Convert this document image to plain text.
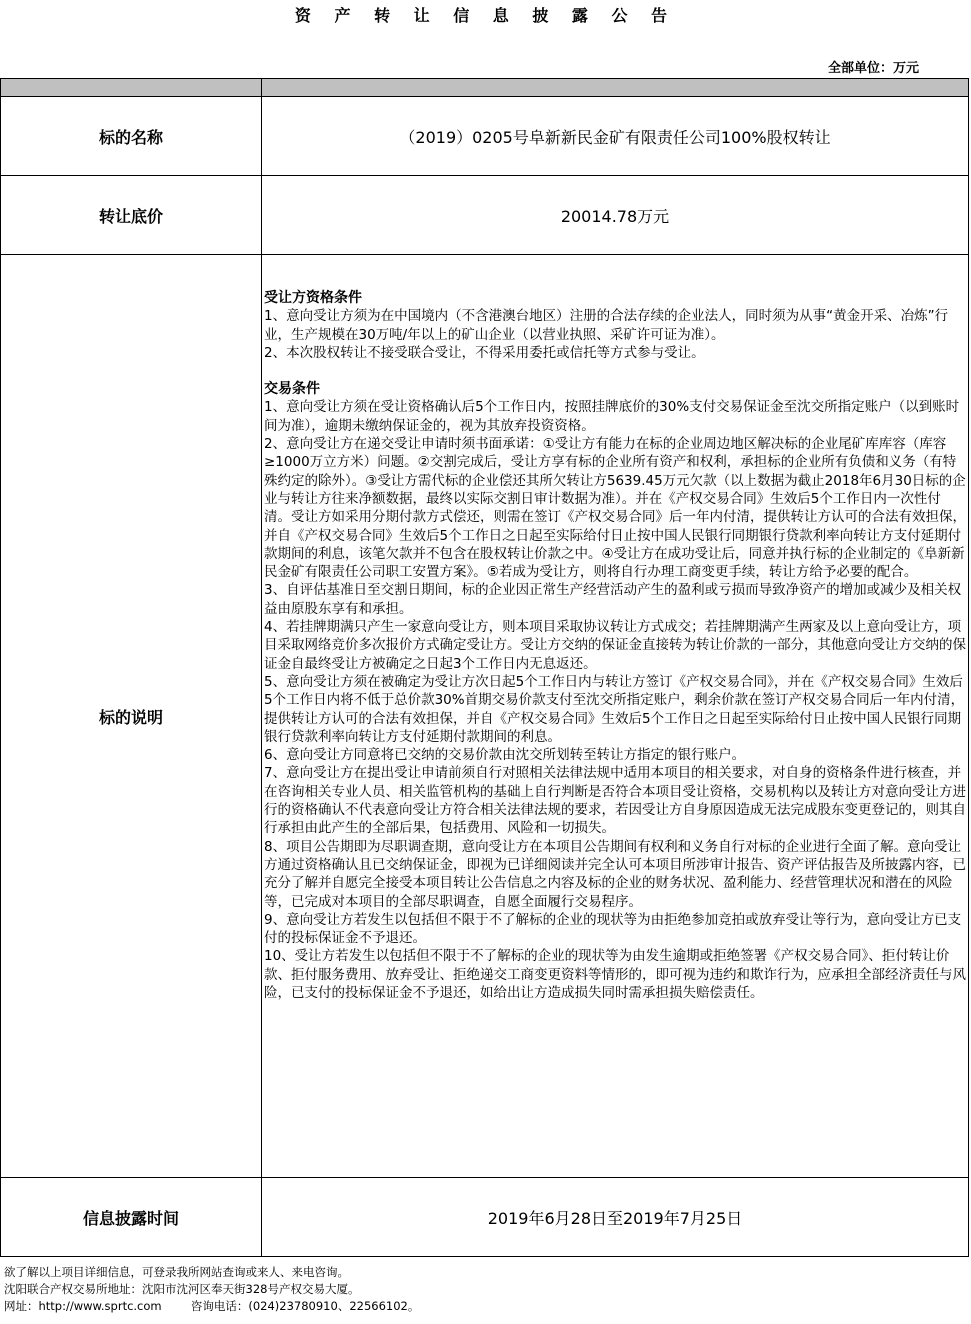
资 产 转 让 信 息 披 露 公 告
全部单位：万元
标的名称	（2019）0205号阜新新民金矿有限责任公司100%股权转让
转让底价	20014.78万元
标的说明

受让方资格条件

1、意向受让方须为在中国境内（不含港澳台地区）注册的合法存续的企业法人，同时须为从事“黄金开采、冶炼”行业，生产规模在30万吨/年以上的矿山企业（以营业执照、采矿许可证为准）。

2、本次股权转让不接受联合受让，不得采用委托或信托等方式参与受让。

交易条件

1、意向受让方须在受让资格确认后5个工作日内，按照挂牌底价的30%支付交易保证金至沈交所指定账户（以到账时间为准），逾期未缴纳保证金的，视为其放弃投资资格。

2、意向受让方在递交受让申请时须书面承诺：①受让方有能力在标的企业周边地区解决标的企业尾矿库库容（库容≥1000万立方米）问题。②交割完成后，受让方享有标的企业所有资产和权利，承担标的企业所有负债和义务（有特殊约定的除外）。③受让方需代标的企业偿还其所欠转让方5639.45万元欠款（以上数据为截止2018年6月30日标的企业与转让方往来净额数据，最终以实际交割日审计数据为准）。并在《产权交易合同》生效后5个工作日内一次性付清。受让方如采用分期付款方式偿还，则需在签订《产权交易合同》后一年内付清，提供转让方认可的合法有效担保，并自《产权交易合同》生效后5个工作日之日起至实际给付日止按中国人民银行同期银行贷款利率向转让方支付延期付款期间的利息，该笔欠款并不包含在股权转让价款之中。④受让方在成功受让后，同意并执行标的企业制定的《阜新新民金矿有限责任公司职工安置方案》。⑤若成为受让方，则将自行办理工商变更手续，转让方给予必要的配合。

3、自评估基准日至交割日期间，标的企业因正常生产经营活动产生的盈利或亏损而导致净资产的增加或减少及相关权益由原股东享有和承担。

4、若挂牌期满只产生一家意向受让方，则本项目采取协议转让方式成交；若挂牌期满产生两家及以上意向受让方，项目采取网络竞价多次报价方式确定受让方。受让方交纳的保证金直接转为转让价款的一部分，其他意向受让方交纳的保证金自最终受让方被确定之日起3个工作日内无息返还。

5、意向受让方须在被确定为受让方次日起5个工作日内与转让方签订《产权交易合同》，并在《产权交易合同》生效后5个工作日内将不低于总价款30%首期交易价款支付至沈交所指定账户，剩余价款在签订产权交易合同后一年内付清，提供转让方认可的合法有效担保，并自《产权交易合同》生效后5个工作日之日起至实际给付日止按中国人民银行同期银行贷款利率向转让方支付延期付款期间的利息。

6、意向受让方同意将已交纳的交易价款由沈交所划转至转让方指定的银行账户。

7、意向受让方在提出受让申请前须自行对照相关法律法规中适用本项目的相关要求，对自身的资格条件进行核查，并在咨询相关专业人员、相关监管机构的基础上自行判断是否符合本项目受让资格，交易机构以及转让方对意向受让方进行的资格确认不代表意向受让方符合相关法律法规的要求，若因受让方自身原因造成无法完成股东变更登记的，则其自行承担由此产生的全部后果，包括费用、风险和一切损失。

8、项目公告期即为尽职调查期，意向受让方在本项目公告期间有权利和义务自行对标的企业进行全面了解。意向受让方通过资格确认且已交纳保证金，即视为已详细阅读并完全认可本项目所涉审计报告、资产评估报告及所披露内容，已充分了解并自愿完全接受本项目转让公告信息之内容及标的企业的财务状况、盈利能力、经营管理状况和潜在的风险等，已完成对本项目的全部尽职调查，自愿全面履行交易程序。

9、意向受让方若发生以包括但不限于不了解标的企业的现状等为由拒绝参加竞拍或放弃受让等行为，意向受让方已支付的投标保证金不予退还。

10、受让方若发生以包括但不限于不了解标的企业的现状等为由发生逾期或拒绝签署《产权交易合同》、拒付转让价款、拒付服务费用、放弃受让、拒绝递交工商变更资料等情形的，即可视为违约和欺诈行为，应承担全部经济责任与风险，已支付的投标保证金不予退还，如给出让方造成损失同时需承担损失赔偿责任。

信息披露时间	2019年6月28日至2019年7月25日
欲了解以上项目详细信息，可登录我所网站查询或来人、来电咨询。
沈阳联合产权交易所地址：沈阳市沈河区奉天街328号产权交易大厦。
网址：http://www.sprtc.com        咨询电话：(024)23780910、22566102。
